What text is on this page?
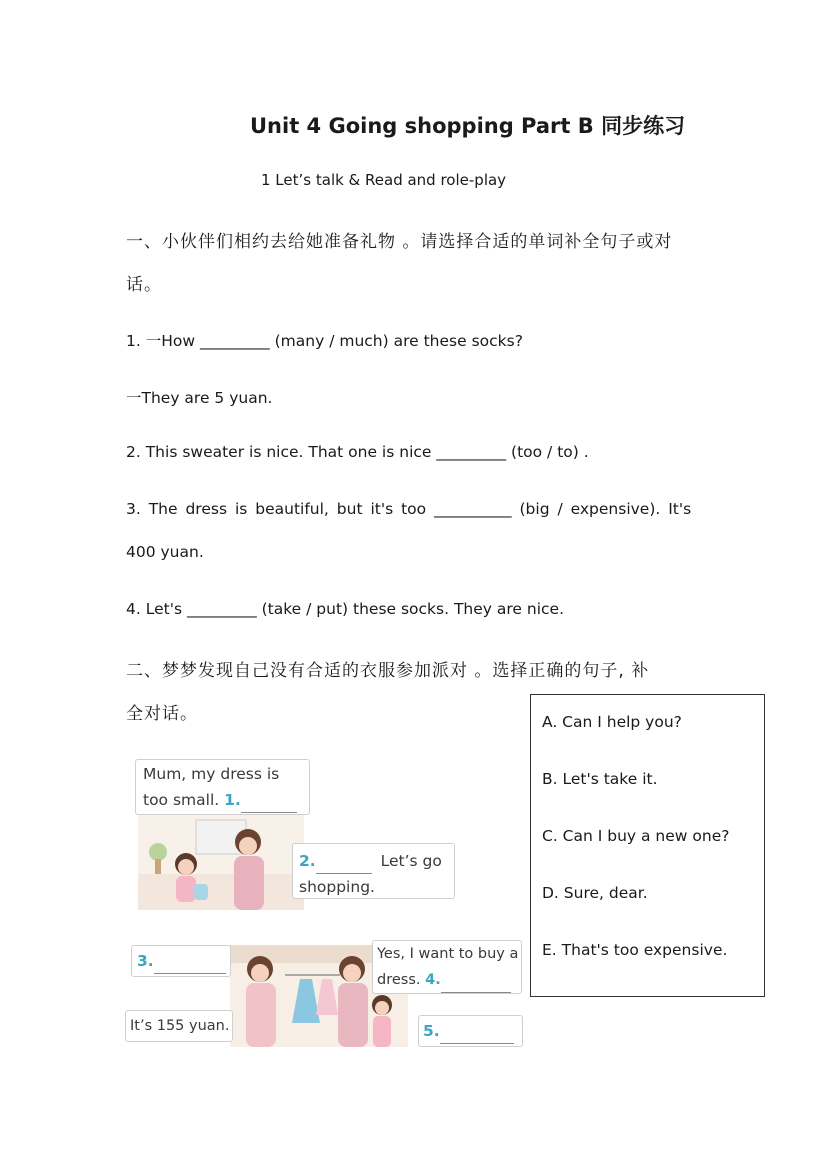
Unit 4 Going shopping Part B 同步练习
1 Let’s talk & Read and role-play
一、小伙伴们相约去给她准备礼物 。请选择合适的单词补全句子或对
话。
1. 一How _________ (many / much) are these socks?
一They are 5 yuan.
2. This sweater is nice. That one is nice _________ (too / to) .
3. The dress is beautiful, but it's too __________ (big / expensive). It's
400 yuan.
4. Let's _________ (take / put) these socks. They are nice.
二、梦梦发现自己没有合适的衣服参加派对 。选择正确的句子, 补
全对话。	A. Can I help you?
B. Let's take it.
C. Can I buy a new one?
D. Sure, dear.
E. That's too expensive.
Mum, my dress is
too small. 1.
2.	Let’s go
shopping.
3.	Yes, I want to buy a
dress. 4.
It’s 155 yuan.	5.
